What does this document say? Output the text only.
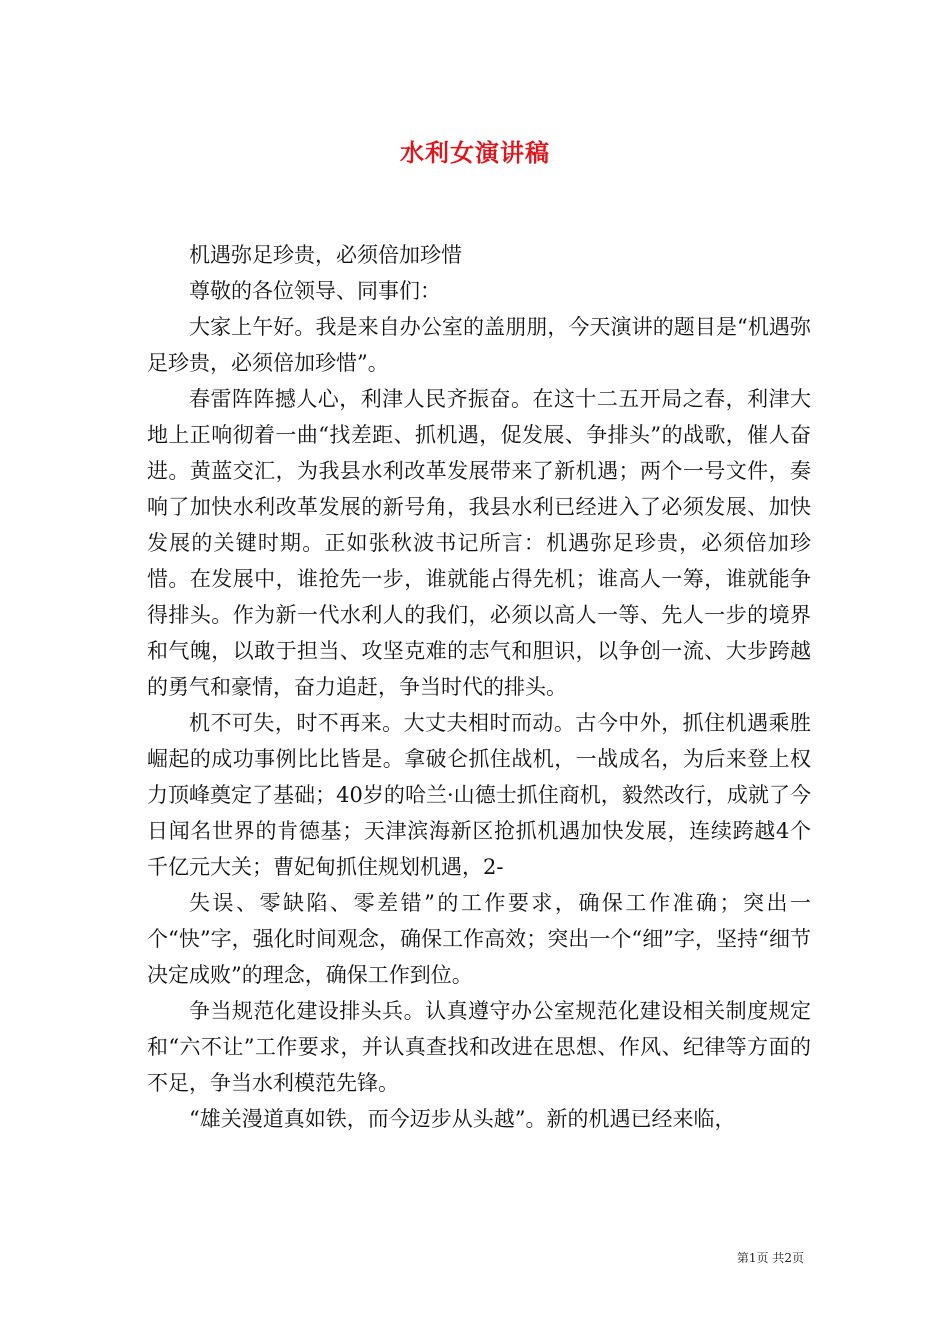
水利女演讲稿

机遇弥足珍贵，必须倍加珍惜

尊敬的各位领导、同事们：

大家上午好。我是来自办公室的盖朋朋，今天演讲的题目是“机遇弥足珍贵，必须倍加珍惜”。

春雷阵阵撼人心，利津人民齐振奋。在这十二五开局之春，利津大地上正响彻着一曲“找差距、抓机遇，促发展、争排头”的战歌，催人奋进。黄蓝交汇，为我县水利改革发展带来了新机遇；两个一号文件，奏响了加快水利改革发展的新号角，我县水利已经进入了必须发展、加快发展的关键时期。正如张秋波书记所言：机遇弥足珍贵，必须倍加珍惜。在发展中，谁抢先一步，谁就能占得先机；谁高人一筹，谁就能争得排头。作为新一代水利人的我们，必须以高人一等、先人一步的境界和气魄，以敢于担当、攻坚克难的志气和胆识，以争创一流、大步跨越的勇气和豪情，奋力追赶，争当时代的排头。

机不可失，时不再来。大丈夫相时而动。古今中外，抓住机遇乘胜崛起的成功事例比比皆是。拿破仑抓住战机，一战成名，为后来登上权力顶峰奠定了基础；40岁的哈兰·山德士抓住商机，毅然改行，成就了今日闻名世界的肯德基；天津滨海新区抢抓机遇加快发展，连续跨越4个千亿元大关；曹妃甸抓住规划机遇，2-

失误、零缺陷、零差错”的工作要求，确保工作准确；突出一个“快”字，强化时间观念，确保工作高效；突出一个“细”字，坚持“细节决定成败”的理念，确保工作到位。

争当规范化建设排头兵。认真遵守办公室规范化建设相关制度规定和“六不让”工作要求，并认真查找和改进在思想、作风、纪律等方面的不足，争当水利模范先锋。

“雄关漫道真如铁，而今迈步从头越”。新的机遇已经来临，

第1页 共2页
